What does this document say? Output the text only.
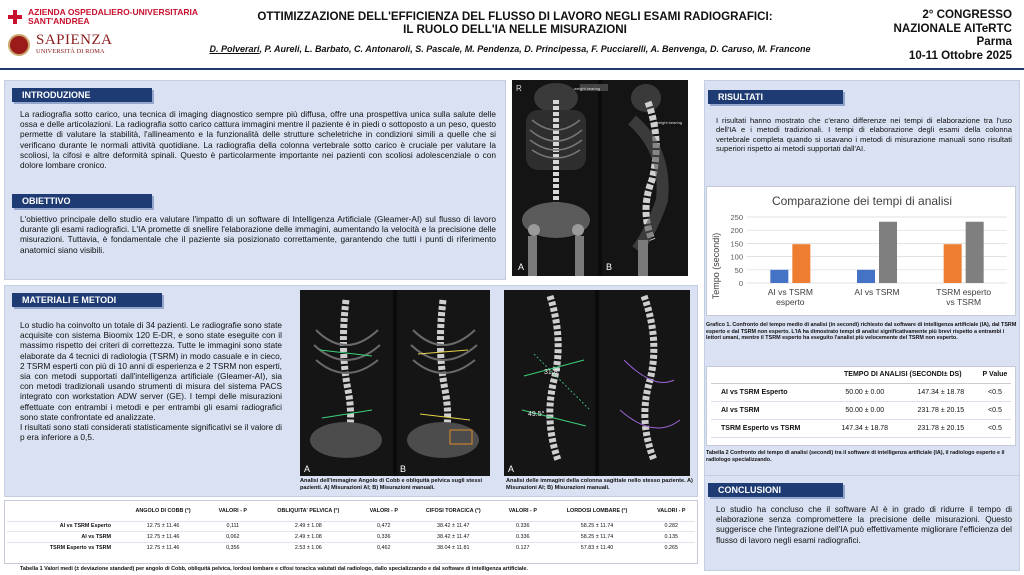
AZIENDA OSPEDALIERO-UNIVERSITARIA
SANT'ANDREA
SAPIENZA
UNIVERSITÀ DI ROMA
OTTIMIZZAZIONE DELL'EFFICIENZA DEL FLUSSO DI LAVORO NEGLI ESAMI RADIOGRAFICI:
IL RUOLO DELL'IA NELLE MISURAZIONI
D. Polverari, P. Aureli, L. Barbato, C. Antonaroli, S. Pascale, M. Pendenza, D. Principessa, F. Pucciarelli, A. Benvenga, D. Caruso, M. Francone
2° CONGRESSO
NAZIONALE AITeRTC
Parma
10-11 Ottobre 2025
INTRODUZIONE
La radiografia sotto carico, una tecnica di imaging diagnostico sempre più diffusa, offre una prospettiva unica sulla salute delle ossa e delle articolazioni. La radiografia sotto carico cattura immagini mentre il paziente è in piedi o sottoposto a un peso, questo permette di valutare la stabilità, l'allineamento e la funzionalità delle strutture scheletriche in condizioni simili a quelle che si verificano durante le normali attività quotidiane. La radiografia della colonna vertebrale sotto carico è cruciale per valutare la scoliosi, la cifosi e altre deformità spinali. Questo è particolarmente importante nei pazienti con scoliosi adolescenziale o con dolore lombare cronico.
OBIETTIVO
L'obiettivo principale dello studio era valutare l'impatto di un software di Intelligenza Artificiale (Gleamer-AI) sul flusso di lavoro durante gli esami radiografici. L'IA promette di snellire l'elaborazione delle immagini, aumentando la velocità e la precisione delle misurazioni. Tuttavia, è fondamentale che il paziente sia posizionato correttamente, garantendo che tutti i punti di riferimento anatomici siano visibili.
R	weight bearing
weight bearing
A	B
MATERIALI E METODI
Lo studio ha coinvolto un totale di 34 pazienti. Le radiografie sono state acquisite con sistema Bioomix 120 E-DR, e sono state eseguite con il massimo rispetto dei criteri di correttezza. Tutte le immagini sono state elaborate da 4 tecnici di radiologia (TSRM) in modo casuale e in cieco, 2 TSRM esperti con più di 10 anni di esperienza e 2 TSRM non esperti, sia con metodi supportati dall'intelligenza artificiale (Gleamer-AI), sia con metodi tradizionali usando strumenti di misura del sistema PACS integrato con workstation ADW server (GE). I tempi delle misurazioni effettuate con entrambi i metodi e per entrambi gli esami radiografici sono state confrontate ed analizzate.
I risultati sono stati considerati statisticamente significativi se il valore di p era inferiore a 0,5.
A	B
Analisi dell'immagine Angolo di Cobb e obliquità pelvica sugli stessi pazienti. A) Misurazioni AI; B) Misurazioni manuali.
31.8°
49.5°
A
Analisi delle immagini della colonna sagittale nello stesso paziente. A) Misurazioni AI; B) Misurazioni manuali.
	ANGOLO DI COBB (°)	VALORI - P	OBLIQUITA' PELVICA (°)	VALORI - P	CIFOSI TORACICA (°)	VALORI - P	LORDOSI LOMBARE (°)	VALORI - P
AI vs TSRM Esperto	12.75 ± 11.46	0,111	2.49 ± 1.08	0,472	38.42 ± 11.47	0.336	58.25 ± 11.74	0.282
AI vs TSRM	12.75 ± 11.46	0,062	2.49 ± 1.08	0,336	38.42 ± 11.47	0.336	58.25 ± 11.74	0.135
TSRM Esperto vs TSRM	12.75 ± 11.46	0,356	2.53 ± 1.06	0,462	38.04 ± 11.81	0.127	57.83 ± 11.40	0.265
Tabella 1 Valori medi (± deviazione standard) per angolo di Cobb, obliquità pelvica, lordosi lombare e cifosi toracica valutati dal radiologo, dallo specializzando e dal software di intelligenza artificiale.
RISULTATI
I risultati hanno mostrato che c'erano differenze nei tempi di elaborazione tra l'uso dell'IA e i metodi tradizionali. I tempi di elaborazione degli esami della colonna vertebrale completa quando si usavano i metodi di misurazione manuali sono risultati superiori rispetto ai metodi supportati dall'AI.
Comparazione dei tempi di analisi
Tempo (secondi) 0
50
100
150
200
250
AI vs TSRM
esperto
AI vs TSRM	TSRM esperto
vs TSRM
Grafico 1. Confronto del tempo medio di analisi (in secondi) richiesto dal software di intelligenza artificiale (IA), dal TSRM esperto e dal TSRM non esperto. L'IA ha dimostrato tempi di analisi significativamente più brevi rispetto a entrambi i lettori umani, mentre il TSRM esperto ha eseguito l'analisi più velocemente del TSRM non esperto.
	TEMPO DI ANALISI (SECONDI± DS)		P Value
AI vs TSRM Esperto	50.00 ± 0.00	147.34 ± 18.78	<0.5
AI vs TSRM	50.00 ± 0.00	231.78 ± 20.15	<0.5
TSRM Esperto vs TSRM	147.34 ± 18.78	231.78 ± 20.15	<0.5
Tabella 2 Confronto del tempo di analisi (secondi) tra il software di intelligenza artificiale (IA), il radiologo esperto e il radiologo specializzando.
CONCLUSIONI
Lo studio ha concluso che il software AI è in grado di ridurre il tempo di elaborazione senza compromettere la precisione delle misurazioni. Questo suggerisce che l'integrazione dell'IA può effettivamente migliorare l'efficienza del flusso di lavoro negli esami radiografici.
